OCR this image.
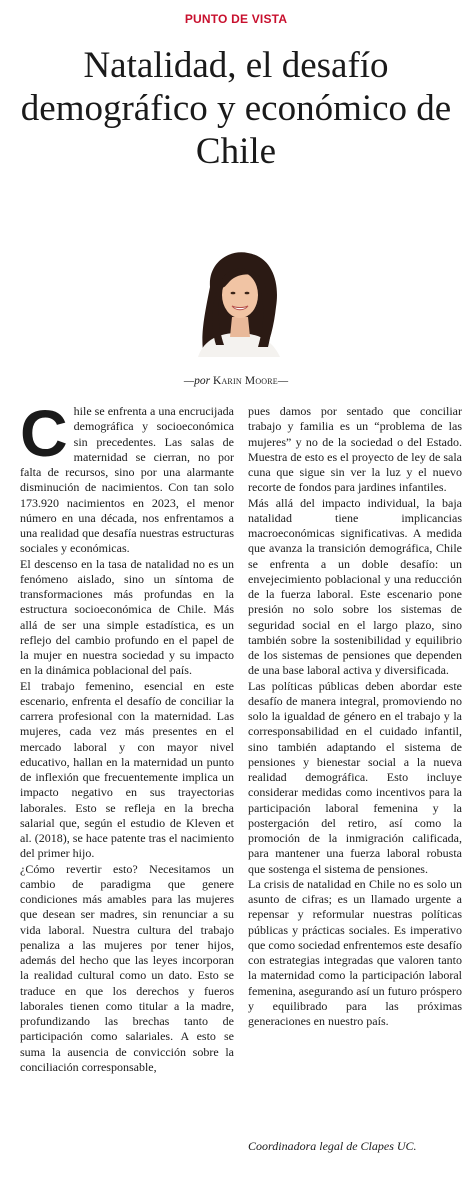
PUNTO DE VISTA
Natalidad, el desafío demográfico y económico de Chile
—por Karin Moore—
C hile se enfrenta a una encrucijada demográfica y socioeconómica sin precedentes. Las salas de maternidad se cierran, no por falta de recursos, sino por una alarmante disminución de nacimientos. Con tan solo 173.920 nacimientos en 2023, el menor número en una década, nos enfrentamos a una realidad que desafía nuestras estructuras sociales y económicas.

El descenso en la tasa de natalidad no es un fenómeno aislado, sino un síntoma de transformaciones más profundas en la estructura socioeconómica de Chile. Más allá de ser una simple estadística, es un reflejo del cambio profundo en el papel de la mujer en nuestra sociedad y su impacto en la dinámica poblacional del país.

El trabajo femenino, esencial en este escenario, enfrenta el desafío de conciliar la carrera profesional con la maternidad. Las mujeres, cada vez más presentes en el mercado laboral y con mayor nivel educativo, hallan en la maternidad un punto de inflexión que frecuentemente implica un impacto negativo en sus trayectorias laborales. Esto se refleja en la brecha salarial que, según el estudio de Kleven et al. (2018), se hace patente tras el nacimiento del primer hijo.

¿Cómo revertir esto? Necesitamos un cambio de paradigma que genere condiciones más amables para las mujeres que desean ser madres, sin renunciar a su vida laboral. Nuestra cultura del trabajo penaliza a las mujeres por tener hijos, además del hecho que las leyes incorporan la realidad cultural como un dato. Esto se traduce en que los derechos y fueros laborales tienen como titular a la madre, profundizando las brechas tanto de participación como salariales. A esto se suma la ausencia de convicción sobre la conciliación corresponsable,

pues damos por sentado que conciliar trabajo y familia es un “problema de las mujeres” y no de la sociedad o del Estado. Muestra de esto es el proyecto de ley de sala cuna que sigue sin ver la luz y el nuevo recorte de fondos para jardines infantiles.

Más allá del impacto individual, la baja natalidad tiene implicancias macroeconómicas significativas. A medida que avanza la transición demográfica, Chile se enfrenta a un doble desafío: un envejecimiento poblacional y una reducción de la fuerza laboral. Este escenario pone presión no solo sobre los sistemas de seguridad social en el largo plazo, sino también sobre la sostenibilidad y equilibrio de los sistemas de pensiones que dependen de una base laboral activa y diversificada.

Las políticas públicas deben abordar este desafío de manera integral, promoviendo no solo la igualdad de género en el trabajo y la corresponsabilidad en el cuidado infantil, sino también adaptando el sistema de pensiones y bienestar social a la nueva realidad demográfica. Esto incluye considerar medidas como incentivos para la participación laboral femenina y la postergación del retiro, así como la promoción de la inmigración calificada, para mantener una fuerza laboral robusta que sostenga el sistema de pensiones.

La crisis de natalidad en Chile no es solo un asunto de cifras; es un llamado urgente a repensar y reformular nuestras políticas públicas y prácticas sociales. Es imperativo que como sociedad enfrentemos este desafío con estrategias integradas que valoren tanto la maternidad como la participación laboral femenina, asegurando así un futuro próspero y equilibrado para las próximas generaciones en nuestro país.

Coordinadora legal de Clapes UC.
